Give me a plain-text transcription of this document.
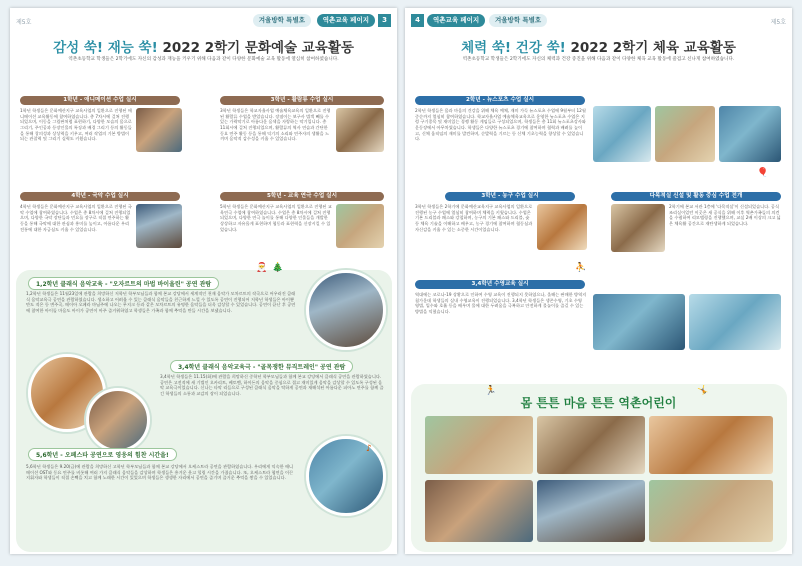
제5호	겨울방학 특별호	역촌교육 페이지	3
감성 쑥! 재능 쑥! 2022 2학기 문화예술 교육활동
역촌초등학교 학생들은 2학기에도 자신의 감성과 재능을 키우기 위해 다음과 같이 다양한 문화예술 교육 활동에 열심히 참여하였습니다.
1학년 - 애니메이션 수업 실시
1학년 학생들은 문화예산지구 교육사업의 일환으로 진행된 애니메이션 교육활동에 참여하였습니다. 총 7차시에 걸쳐 진행되었으며, 이동을 그림판처럼 표현하기, 다양한 모습의 몸으로 그리기, 주인공과 등장인물의 특징과 배경 그리기 등의 활동들을 통해 창의성과 상상력을 키우고, 여러 작업의 기본 방법이 되는 관찰력 및 그리기 실력도 키웠습니다.
3학년 - 활람류 수업 실시
3학년 학생들은 학교자율사업 예술체육교육의 일환으로 진행된 활람류 수업을 받았습니다. 장점이는 보구사 법객 빼를 수 있는 가락악기로 아름다운 음색을 자랑하는 악기입니다. 총 11회시에 걸쳐 진행되었으며, 활람류의 역사 연습과 간단한 동요 연주 활동 등을 통해 익기의 소리와 연주자의 생활을 느끼며 음악적 감수성을 키울 수 있었습니다.
4학년 - 국악 수업 실시
4학년 학생들은 문화예산지구 교육사업의 일환으로 진행된 국악 수업에 참여하였습니다. 수업은 총 8차시에 걸쳐 진행되었으며, 다양한 국악 장단들과 민요를 장구로 직접 연주하는 활동을 통해 국악에 대한 관심과 흥미를 높이고, 아름다운 우리 전통에 대한 자긍심도 키울 수 있었습니다.
5학년 - 교육 연극 수업 실시
5학년 학생들은 문화예산지구 교육사업의 일환으로 진행된 교육연극 수업에 참여하였습니다. 수업은 총 8차시에 걸쳐 진행되었으며, 다양한 연극 놀이를 통해 다양한 인물들을 개발한 상상하고 자유롭게 표현하며 협동과 표현력을 신장시킬 수 있었습니다.
🎅 🎄
1,2학년 클래식 음악교육 - "오자르트의 마법 바이올린" 공연 관람
1,2학년 학생들은 11월23일에 관람을 희망하신 저학년 학부모님들과 함께 본교 강당에서 세계적인 천재 음악가 모차르트의 작곡으로 어우러진 클래식 음악교육극 공연을 관람하였습니다. 생소하고 어려울 수 있는 클래식 음악들을 친근하게 느낄 수 있도록 공연이 진행되어 저학년 학생들은 아이뿐만도 적은 등 변주곡, 메이아 오페라 마님주에 나오는 무지크 등과 같은 모차르트의 유명한 음악들을 더욱 감상할 수 있었습니다. 공연이 끝난 후 공연에 참여한 아이돌 마음도 아이가 공연이 아주 즐거워하였고 학생들은 가족과 함께 추억을 만들 시간을 보냈습니다.
3,4학년 클래식 음악교육극 - "골목쟁한 뮤직트레인" 공연 관람
3,4학년 학생들은 11.15(화)에 관람을 희망하신 중학년 학부모님들과 함께 본교 강당에서 클래식 공연을 관람하였습니다. 공연은 고전적에 새 기법인 오카리트, 베토벤, 하이든의 음악을 중심으로 접고 재미있게 음악을 감상할 수 있도록 구성된 음악 교육극이었습니다. 신나는 타악 리듬으로 구성된 클래식 음악을 탁하게 공연과 재해석된 아름다운 피아노 연주를 함께 즐긴 학생들의 소통과 교감의 장이 되었습니다.
5,6학년 - 오페스타 공연으로 영웅의 힘찬 시간을!
5,6학년 학생들은 9.20(금)에 관람을 희망하신 고학년 학부모님들과 함께 본교 강당에서 오케스트라 공연을 관람하였습니다. 우리에게 익숙한 애니메이션 OST와 동요 연주를 비롯해 여러 가지 클래식 음악들을 감상하며 학생들은 흥겨운 웃고 힐링 시간을 가졌습니다. 또, 오케스트라 협연을 이끈 지휘자와 학생들이 직접 손뼉을 치고 함께 노래한 시간이 있었으며 학생들은 생생한 자리에서 공연을 즐기며 즐거운 추억을 쌓을 수 있었습니다.
♪
4	역촌교육 페이지	겨울방학 특별호	제5호
체력 쑥! 건강 쑥! 2022 2학기 체육 교육활동
역촌초등학교 학생들은 2학기에도 자신의 체력과 건강 증진을 위해 다음과 같이 다양한 체육 교육 활동에 즐겁고 신나게 참여하였습니다.
2학년 - 뉴스포츠 수업 실시
2학년 학생들은 몸과 마음의 건강을 위해 체육 예체, 재미 가득 뉴스포츠 수업에 9월부터 12월 중순까지 열심히 참여하였습니다. 학교자율사업 예술체육교육으로 운영한 뉴스포츠 수업은 지렁 구기종목 및 재미있는 경쟁 활동 게임들로 구성되었으며, 학생들은 총 11회 뉴스포츠강사와 운동장에서 아무차였습니다. 학생들은 다양한 뉴스포츠 경기에 참여하며 협력과 배려를 높이고, 신체 움직임의 재미를 발견하며, 순발력을 기르는 등 신체 기초능력을 향상할 수 있었습니다.
🎈
3학년 - 농구 수업 실시
3학년 학생들은 2학기에 문화예산교육지구 교육사업의 일환으로 진행된 농구 수업에 열심히 참여하며 체력을 키웠습니다. 수업은 기본 드리블과 패스와 강철하며, 농구의 기본 패스와 드리블, 슛등 체육 기술을 이해하고 배우고, 농구 경기에 참여하며 협동심과 자신감을 키울 수 있는 소중한 시간이었습니다.
다목적실 신설 및 활동 중심 수업 전개
2학기에 본교 서관 1층에 '다목적실'이 신설되었습니다. 공식조리실이었던 이곳은 새 공식을 위해 이후 역촌가족들의 의견을 수렴하여 리모델링을 진행했으며, 교실 2배 이상의 크고 넓은 체육활 공간으로 재탄생하게 되었습니다.
⛹
3,4학년 수영교육 실시
역대에는 코로나-19 상황으로 인하여 수영 교육이 진행되지 못하였으나, 올해는 판매한 방역지침가운데 학생들의 실내 수영교육이 진행되었습니다. 3,4학년 학생들은 생존수영, 기초 수영 영법, 입수와 호흡 등을 배우며 물에 대한 두려움을 극복하고 안전하게 물놀이를 즐길 수 있는 방법을 익혔습니다.
🏃
몸 튼튼 마음 튼튼 역촌어린이
🤸
